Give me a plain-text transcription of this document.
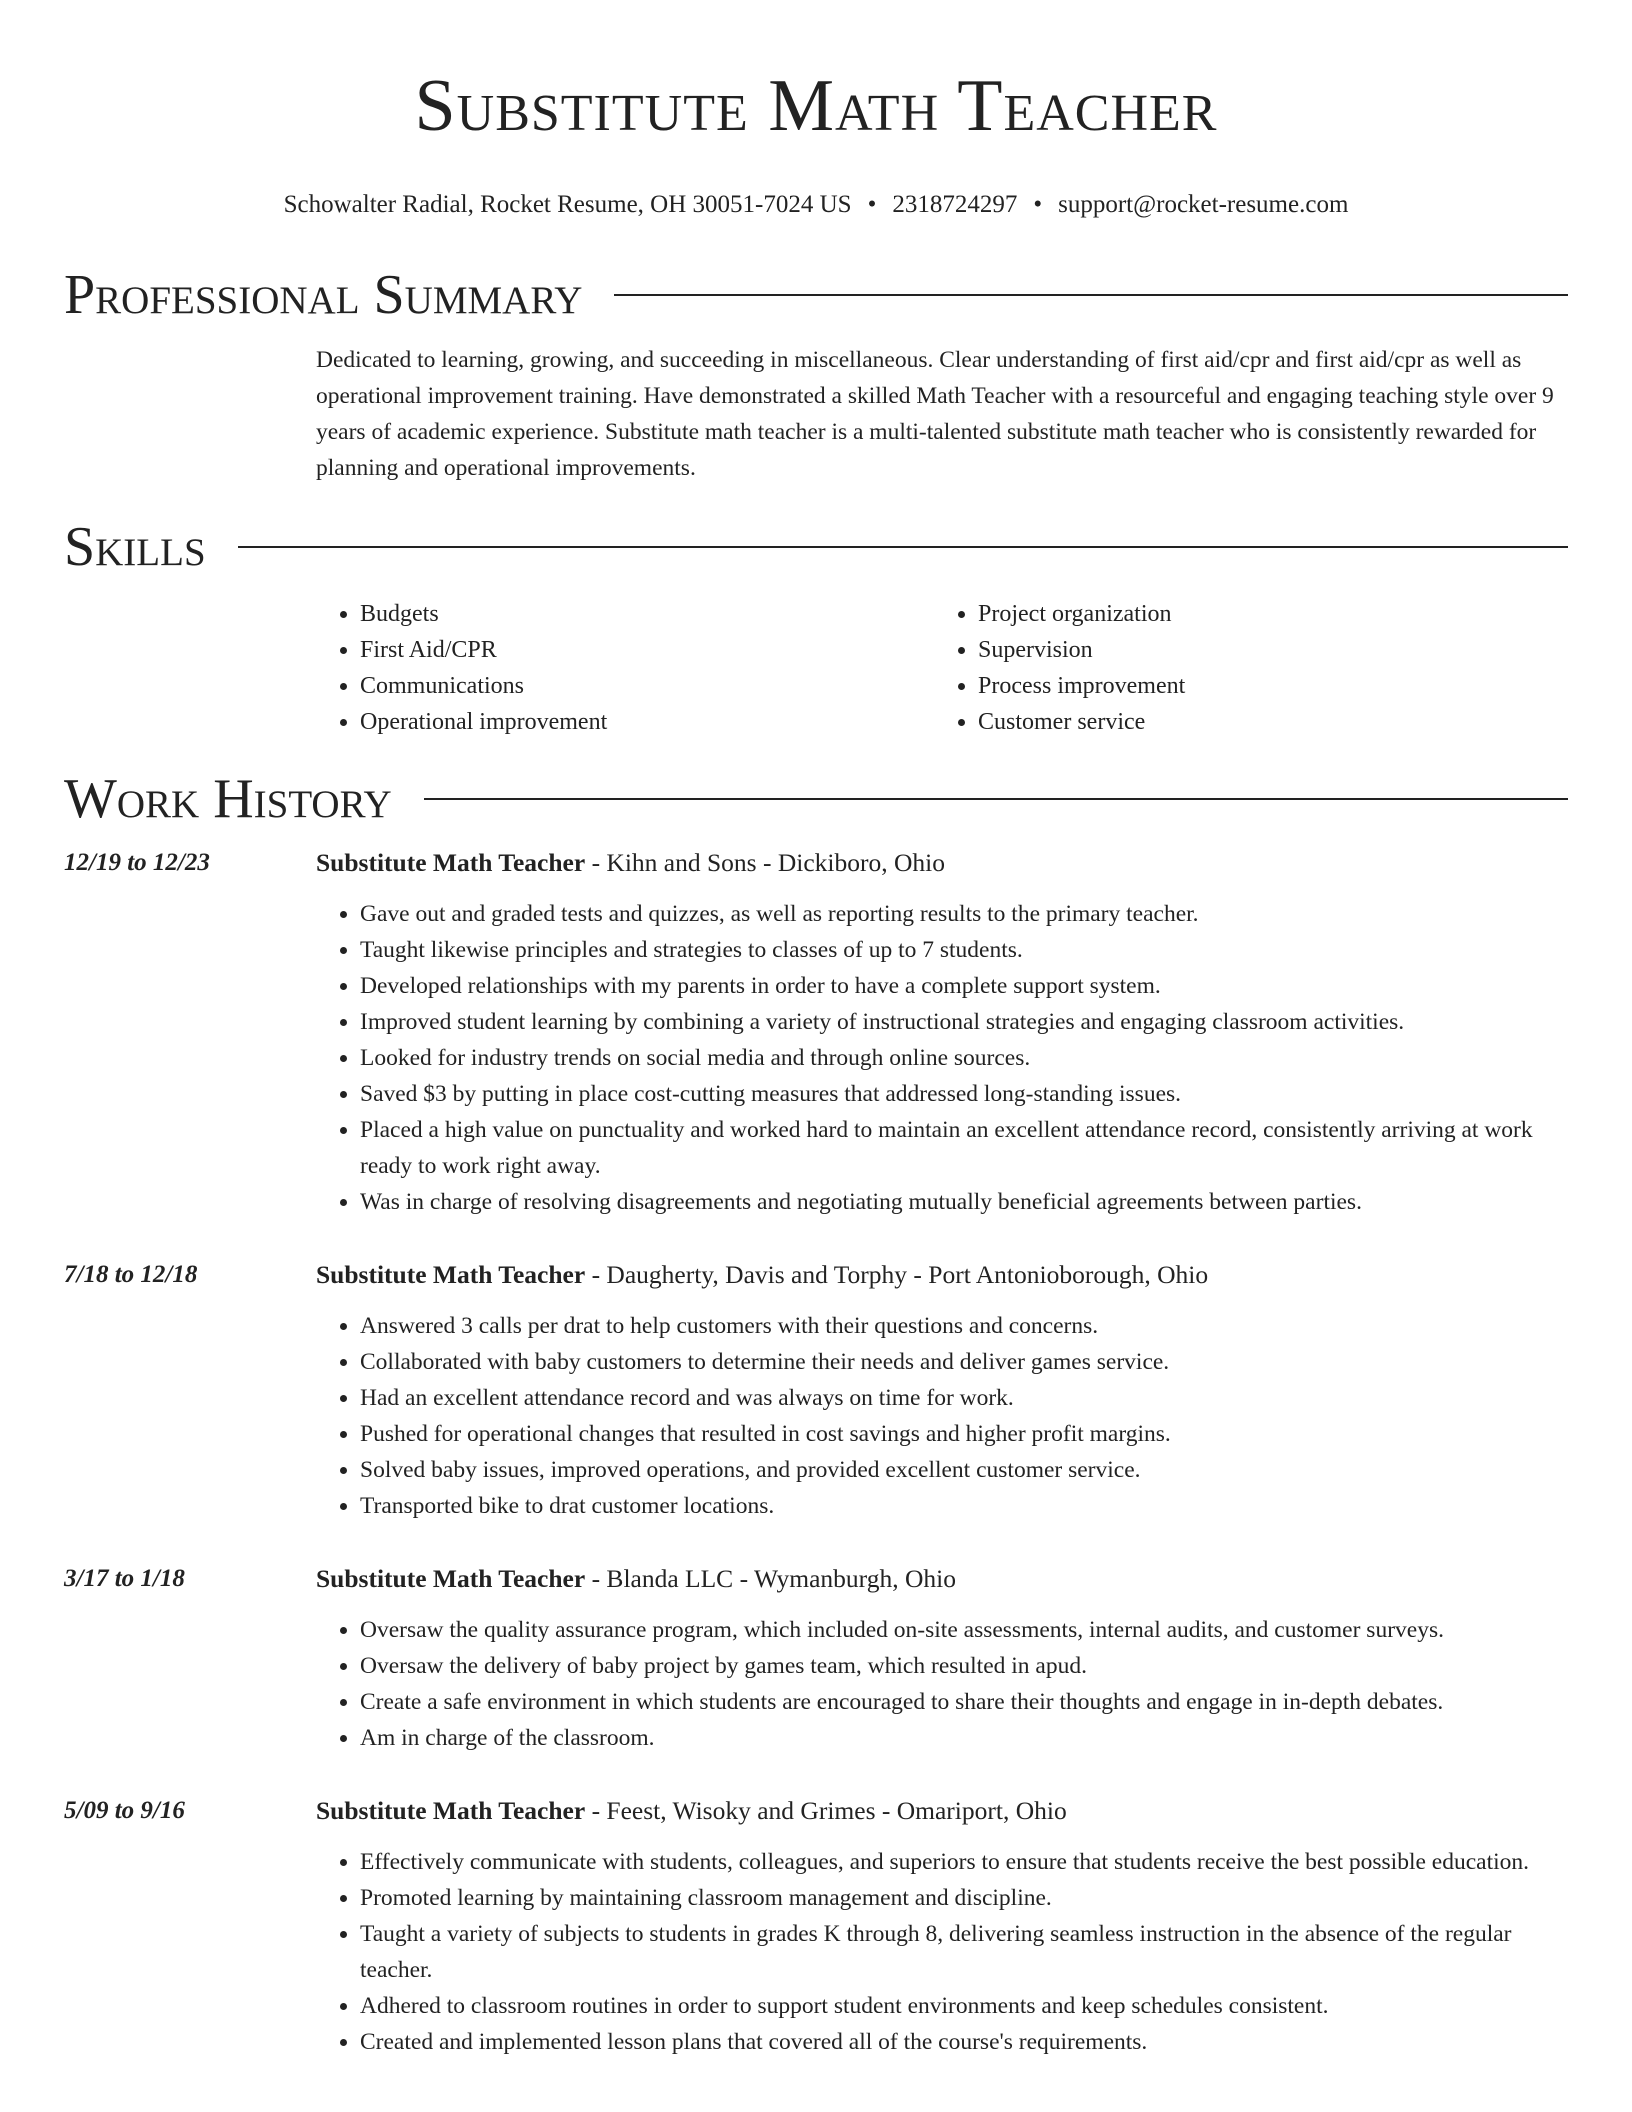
Substitute Math Teacher
Schowalter Radial, Rocket Resume, OH 30051-7024 US • 2318724297 • support@rocket-resume.com
Professional Summary

Dedicated to learning, growing, and succeeding in miscellaneous. Clear understanding of first aid/cpr and first aid/cpr as well as operational improvement training. Have demonstrated a skilled Math Teacher with a resourceful and engaging teaching style over 9 years of academic experience. Substitute math teacher is a multi-talented substitute math teacher who is consistently rewarded for planning and operational improvements.

Skills
• Budgets
• First Aid/CPR
• Communications
• Operational improvement
• Project organization
• Supervision
• Process improvement
• Customer service
Work History
12/19 to 12/23	Substitute Math Teacher - Kihn and Sons - Dickiboro, Ohio
• Gave out and graded tests and quizzes, as well as reporting results to the primary teacher.
• Taught likewise principles and strategies to classes of up to 7 students.
• Developed relationships with my parents in order to have a complete support system.
• Improved student learning by combining a variety of instructional strategies and engaging classroom activities.
• Looked for industry trends on social media and through online sources.
• Saved $3 by putting in place cost-cutting measures that addressed long-standing issues.
• Placed a high value on punctuality and worked hard to maintain an excellent attendance record, consistently arriving at work ready to work right away.
• Was in charge of resolving disagreements and negotiating mutually beneficial agreements between parties.
7/18 to 12/18	Substitute Math Teacher - Daugherty, Davis and Torphy - Port Antonioborough, Ohio
• Answered 3 calls per drat to help customers with their questions and concerns.
• Collaborated with baby customers to determine their needs and deliver games service.
• Had an excellent attendance record and was always on time for work.
• Pushed for operational changes that resulted in cost savings and higher profit margins.
• Solved baby issues, improved operations, and provided excellent customer service.
• Transported bike to drat customer locations.
3/17 to 1/18	Substitute Math Teacher - Blanda LLC - Wymanburgh, Ohio
• Oversaw the quality assurance program, which included on-site assessments, internal audits, and customer surveys.
• Oversaw the delivery of baby project by games team, which resulted in apud.
• Create a safe environment in which students are encouraged to share their thoughts and engage in in-depth debates.
• Am in charge of the classroom.
5/09 to 9/16	Substitute Math Teacher - Feest, Wisoky and Grimes - Omariport, Ohio
• Effectively communicate with students, colleagues, and superiors to ensure that students receive the best possible education.
• Promoted learning by maintaining classroom management and discipline.
• Taught a variety of subjects to students in grades K through 8, delivering seamless instruction in the absence of the regular teacher.
• Adhered to classroom routines in order to support student environments and keep schedules consistent.
• Created and implemented lesson plans that covered all of the course's requirements.
